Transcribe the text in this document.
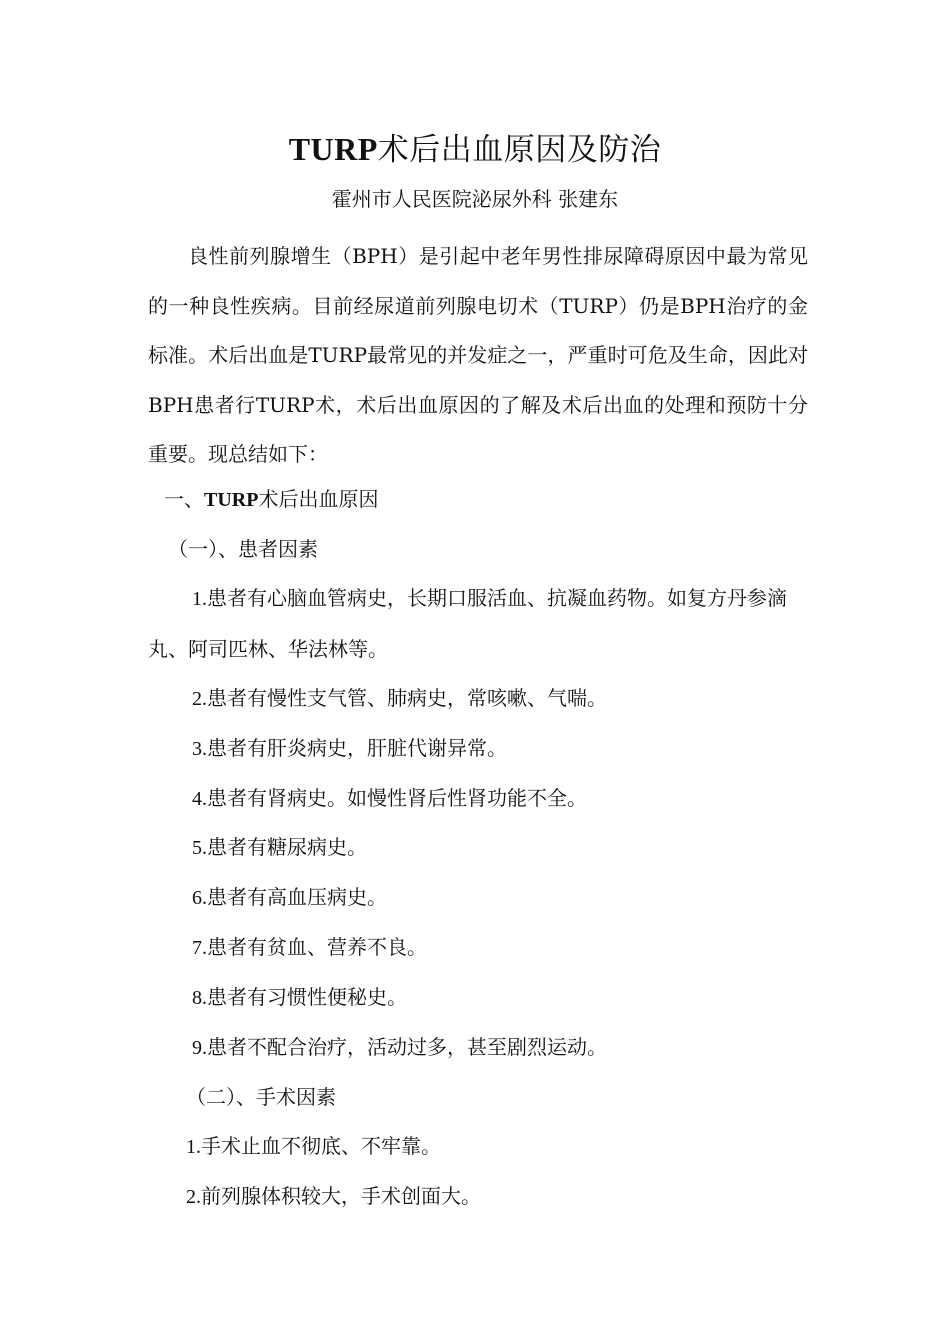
TURP术后出血原因及防治
霍州市人民医院泌尿外科 张建东
良性前列腺增生（BPH）是引起中老年男性排尿障碍原因中最为常见的一种良性疾病。目前经尿道前列腺电切术（TURP）仍是BPH治疗的金标准。术后出血是TURP最常见的并发症之一，严重时可危及生命，因此对BPH患者行TURP术，术后出血原因的了解及术后出血的处理和预防十分重要。现总结如下：
一、TURP术后出血原因
（一）、患者因素
1.患者有心脑血管病史，长期口服活血、抗凝血药物。如复方丹参滴丸、阿司匹林、华法林等。
2.患者有慢性支气管、肺病史，常咳嗽、气喘。
3.患者有肝炎病史，肝脏代谢异常。
4.患者有肾病史。如慢性肾后性肾功能不全。
5.患者有糖尿病史。
6.患者有高血压病史。
7.患者有贫血、营养不良。
8.患者有习惯性便秘史。
9.患者不配合治疗，活动过多，甚至剧烈运动。
（二）、手术因素
1.手术止血不彻底、不牢靠。
2.前列腺体积较大，手术创面大。
